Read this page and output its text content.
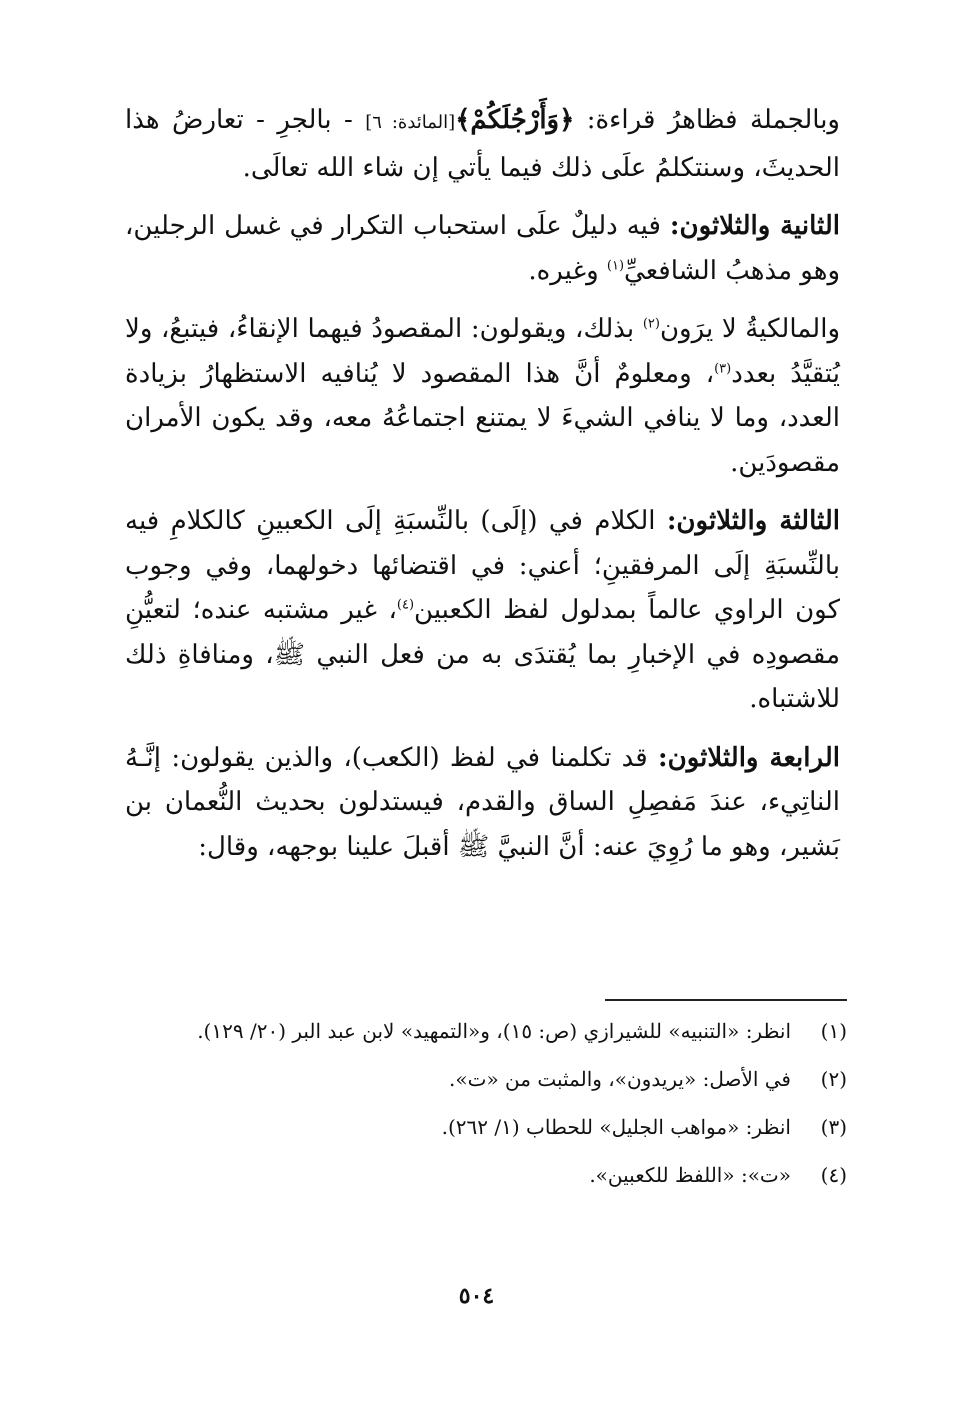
وبالجملة فظاهرُ قراءة: ﴿وَأَرْجُلَكُمْ﴾[المائدة: ٦] - بالجرِ - تعارضُ هذا الحديثَ، وسنتكلمُ علَى ذلك فيما يأتي إن شاء الله تعالَى.

الثانية والثلاثون: فيه دليلٌ علَى استحباب التكرار في غسل الرجلين، وهو مذهبُ الشافعيِّ$^{(١)}$ وغيره.

والمالكيةُ لا يرَون$^{(٢)}$ بذلك، ويقولون: المقصودُ فيهما الإنقاءُ، فيتبعُ، ولا يُتقيَّدُ بعدد$^{(٣)}$، ومعلومٌ أنَّ هذا المقصود لا يُنافيه الاستظهارُ بزيادة العدد، وما لا ينافي الشيءَ لا يمتنع اجتماعُهُ معه، وقد يكون الأمران مقصودَين.

الثالثة والثلاثون: الكلام في (إلَى) بالنِّسبَةِ إلَى الكعبينِ كالكلامِ فيه بالنِّسبَةِ إلَى المرفقينِ؛ أعني: في اقتضائها دخولهما، وفي وجوب كون الراوي عالماً بمدلول لفظ الكعبين$^{(٤)}$، غير مشتبه عنده؛ لتعيُّنِ مقصودِه في الإخبارِ بما يُقتدَى به من فعل النبي ﷺ، ومنافاةِ ذلك للاشتباه.

الرابعة والثلاثون: قد تكلمنا في لفظ (الكعب)، والذين يقولون: إنَّـهُ الناتِيء، عندَ مَفصِلِ الساق والقدم، فيستدلون بحديث النُّعمان بن بَشير، وهو ما رُوِيَ عنه: أنَّ النبيَّ ﷺ أقبلَ علينا بوجهه، وقال:

(١)
انظر: «التنبيه» للشيرازي (ص: ١٥)، و«التمهيد» لابن عبد البر (٢٠/ ١٢٩).
(٢)
في الأصل: «يريدون»، والمثبت من «ت».
(٣)
انظر: «مواهب الجليل» للحطاب (١/ ٢٦٢).
(٤)
«ت»: «اللفظ للكعبين».
٥٠٤
